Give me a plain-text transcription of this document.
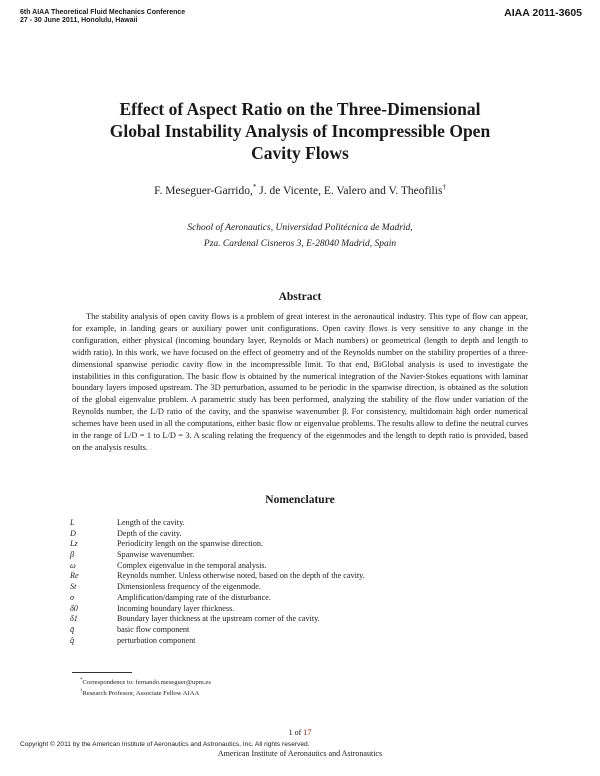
6th AIAA Theoretical Fluid Mechanics Conference
27 - 30 June 2011, Honolulu, Hawaii
AIAA 2011-3605
Effect of Aspect Ratio on the Three-Dimensional
Global Instability Analysis of Incompressible Open
Cavity Flows
F. Meseguer-Garrido,* J. de Vicente, E. Valero and V. Theofilis†
School of Aeronautics, Universidad Politécnica de Madrid,
Pza. Cardenal Cisneros 3, E-28040 Madrid, Spain
Abstract
The stability analysis of open cavity flows is a problem of great interest in the aeronautical industry. This type of flow can appear, for example, in landing gears or auxiliary power unit configurations. Open cavity flows is very sensitive to any change in the configuration, either physical (incoming boundary layer, Reynolds or Mach numbers) or geometrical (length to depth and length to width ratio). In this work, we have focused on the effect of geometry and of the Reynolds number on the stability properties of a three-dimensional spanwise periodic cavity flow in the incompressible limit. To that end, BiGlobal analysis is used to investigate the instabilities in this configuration. The basic flow is obtained by the numerical integration of the Navier-Stokes equations with laminar boundary layers imposed upstream. The 3D perturbation, assumed to be periodic in the spanwise direction, is obtained as the solution of the global eigenvalue problem. A parametric study has been performed, analyzing the stability of the flow under variation of the Reynolds number, the L/D ratio of the cavity, and the spanwise wavenumber β. For consistency, multidomain high order numerical schemes have been used in all the computations, either basic flow or eigenvalue problems. The results allow to define the neutral curves in the range of L/D = 1 to L/D = 3. A scaling relating the frequency of the eigenmodes and the length to depth ratio is provided, based on the analysis results.
Nomenclature
L	Length of the cavity.
D	Depth of the cavity.
Lz	Periodicity length on the spanwise direction.
β	Spanwise wavenumber.
ω	Complex eigenvalue in the temporal analysis.
Re	Reynolds number. Unless otherwise noted, based on the depth of the cavity.
St	Dimensionless frequency of the eigenmode.
σ	Amplification/damping rate of the disturbance.
δ0	Incoming boundary layer thickness.
δ1	Boundary layer thickness at the upstream corner of the cavity.
q̄	basic flow component
q̂	perturbation component
*Correspondence to: fernando.meseguer@upm.es
†Research Professor, Associate Fellow AIAA
1 of 17
Copyright © 2011 by the American Institute of Aeronautics and Astronautics, Inc. All rights reserved.
American Institute of Aeronautics and Astronautics
